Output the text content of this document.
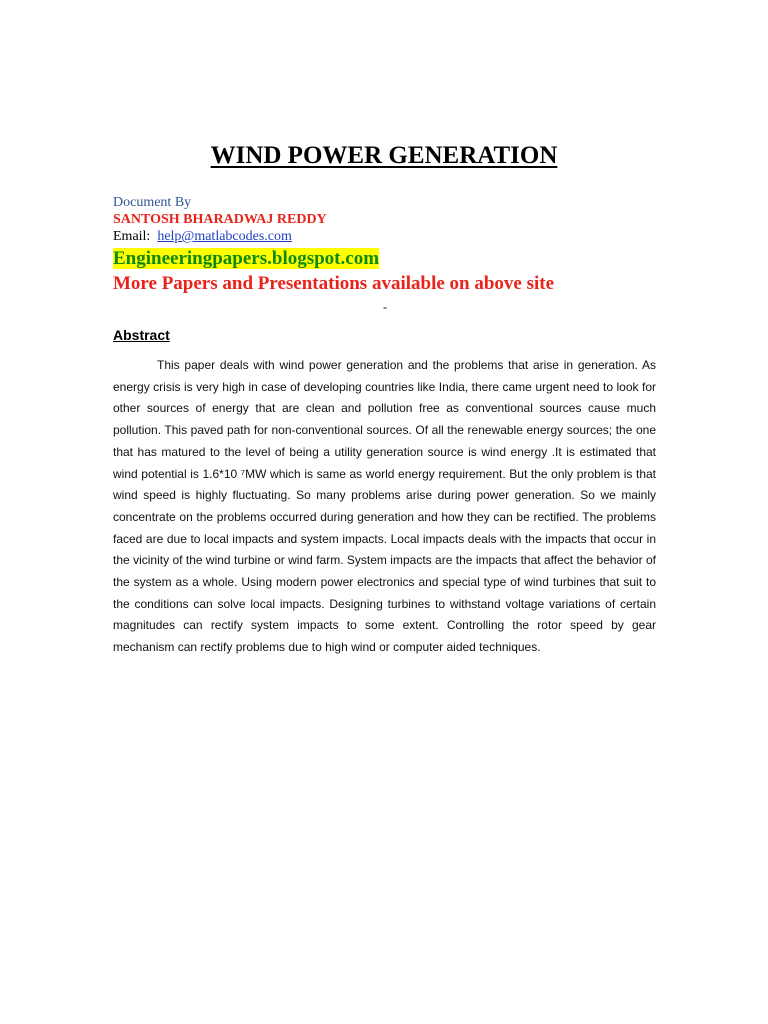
WIND POWER GENERATION
Document By
SANTOSH BHARADWAJ REDDY
Email: help@matlabcodes.com
Engineeringpapers.blogspot.com
More Papers and Presentations available on above site
-
Abstract

This paper deals with wind power generation and the problems that arise in generation. As energy crisis is very high in case of developing countries like India, there came urgent need to look for other sources of energy that are clean and pollution free as conventional sources cause much pollution. This paved path for non-conventional sources. Of all the renewable energy sources; the one that has matured to the level of being a utility generation source is wind energy .It is estimated that wind potential is 1.6*10 ⁷MW which is same as world energy requirement. But the only problem is that wind speed is highly fluctuating. So many problems arise during power generation. So we mainly concentrate on the problems occurred during generation and how they can be rectified. The problems faced are due to local impacts and system impacts. Local impacts deals with the impacts that occur in the vicinity of the wind turbine or wind farm. System impacts are the impacts that affect the behavior of the system as a whole. Using modern power electronics and special type of wind turbines that suit to the conditions can solve local impacts. Designing turbines to withstand voltage variations of certain magnitudes can rectify system impacts to some extent. Controlling the rotor speed by gear mechanism can rectify problems due to high wind or computer aided techniques.
